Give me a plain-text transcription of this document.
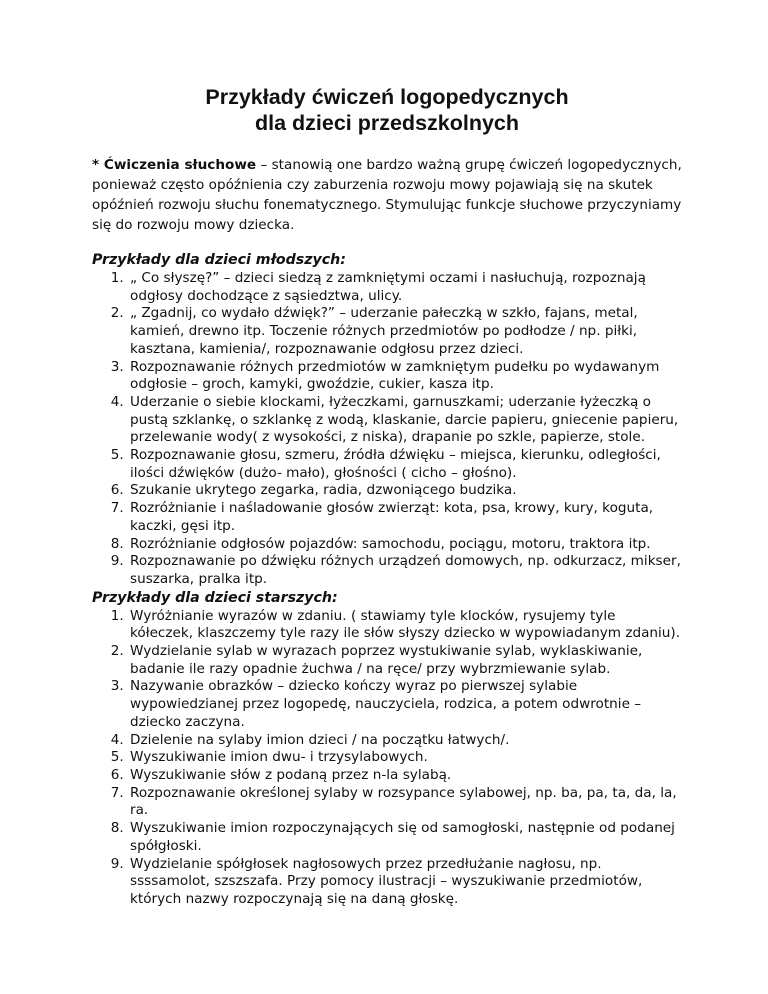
Przykłady ćwiczeń logopedycznych
dla dzieci przedszkolnych

* Ćwiczenia słuchowe – stanowią one bardzo ważną grupę ćwiczeń logopedycznych, ponieważ często opóźnienia czy zaburzenia rozwoju mowy pojawiają się na skutek opóźnień rozwoju słuchu fonematycznego. Stymulując funkcje słuchowe przyczyniamy się do rozwoju mowy dziecka.

Przykłady dla dzieci młodszych:
1. „ Co słyszę?” – dzieci siedzą z zamkniętymi oczami i nasłuchują, rozpoznają odgłosy dochodzące z sąsiedztwa, ulicy.
2. „ Zgadnij, co wydało dźwięk?” – uderzanie pałeczką w szkło, fajans, metal, kamień, drewno itp. Toczenie różnych przedmiotów po podłodze / np. piłki, kasztana, kamienia/, rozpoznawanie odgłosu przez dzieci.
3. Rozpoznawanie różnych przedmiotów w zamkniętym pudełku po wydawanym odgłosie – groch, kamyki, gwoździe, cukier, kasza itp.
4. Uderzanie o siebie klockami, łyżeczkami, garnuszkami; uderzanie łyżeczką o pustą szklankę, o szklankę z wodą, klaskanie, darcie papieru, gniecenie papieru, przelewanie wody( z wysokości, z niska), drapanie po szkle, papierze, stole.
5. Rozpoznawanie głosu, szmeru, źródła dźwięku – miejsca, kierunku, odległości, ilości dźwięków (dużo- mało), głośności ( cicho – głośno).
6. Szukanie ukrytego zegarka, radia, dzwoniącego budzika.
7. Rozróżnianie i naśladowanie głosów zwierząt: kota, psa, krowy, kury, koguta, kaczki, gęsi itp.
8. Rozróżnianie odgłosów pojazdów: samochodu, pociągu, motoru, traktora itp.
9. Rozpoznawanie po dźwięku różnych urządzeń domowych, np. odkurzacz, mikser, suszarka, pralka itp.
Przykłady dla dzieci starszych:
1. Wyróżnianie wyrazów w zdaniu. ( stawiamy tyle klocków, rysujemy tyle kółeczek, klaszczemy tyle razy ile słów słyszy dziecko w wypowiadanym zdaniu).
2. Wydzielanie sylab w wyrazach poprzez wystukiwanie sylab, wyklaskiwanie, badanie ile razy opadnie żuchwa / na ręce/ przy wybrzmiewanie sylab.
3. Nazywanie obrazków – dziecko kończy wyraz po pierwszej sylabie wypowiedzianej przez logopedę, nauczyciela, rodzica, a potem odwrotnie – dziecko zaczyna.
4. Dzielenie na sylaby imion dzieci / na początku łatwych/.
5. Wyszukiwanie imion dwu- i trzysylabowych.
6. Wyszukiwanie słów z podaną przez n-la sylabą.
7. Rozpoznawanie określonej sylaby w rozsypance sylabowej, np. ba, pa, ta, da, la, ra.
8. Wyszukiwanie imion rozpoczynających się od samogłoski, następnie od podanej spółgłoski.
9. Wydzielanie spółgłosek nagłosowych przez przedłużanie nagłosu, np. ssssamolot, szszszafa. Przy pomocy ilustracji – wyszukiwanie przedmiotów, których nazwy rozpoczynają się na daną głoskę.
